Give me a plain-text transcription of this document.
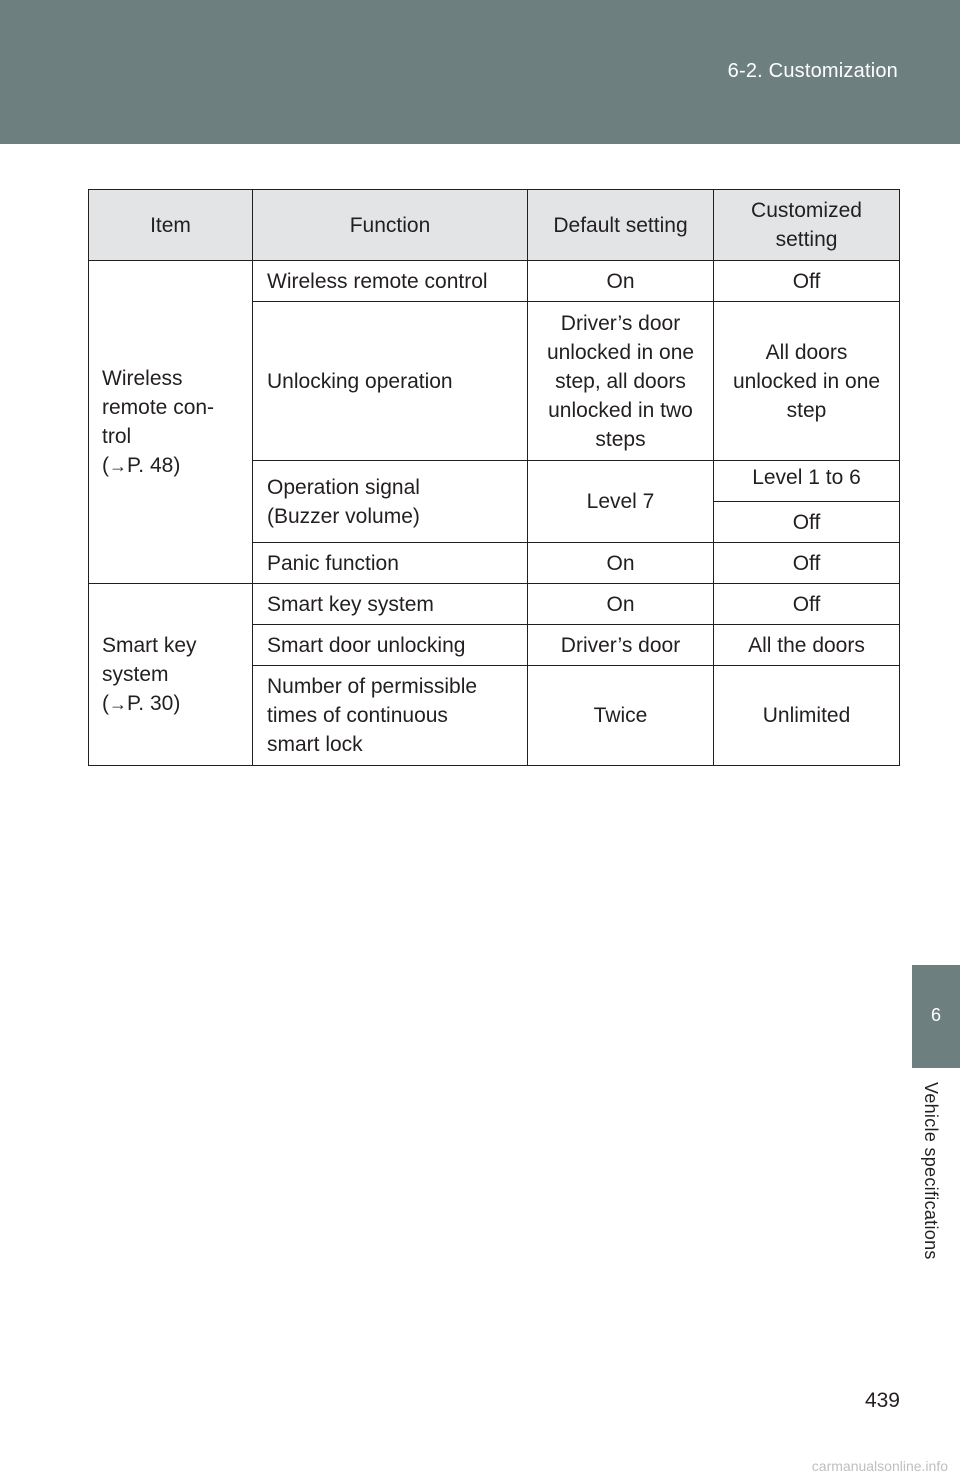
6-2. Customization
Item	Function	Default setting	Customized setting

Wireless remote con-
trol
(→P. 48)	Wireless remote control	On	Off

	Unlocking operation	Driver’s door unlocked in one step, all doors unlocked in two steps	All doors unlocked in one step

	Operation signal
(Buzzer volume)	Level 7	Level 1 to 6

			Off

	Panic function	On	Off

Smart key
system
(→P. 30)	Smart key system	On	Off

	Smart door unlocking	Driver’s door	All the doors

	Number of permissible
times of continuous
smart lock	Twice	Unlimited
6
Vehicle specifications
439
carmanualsonline.info
